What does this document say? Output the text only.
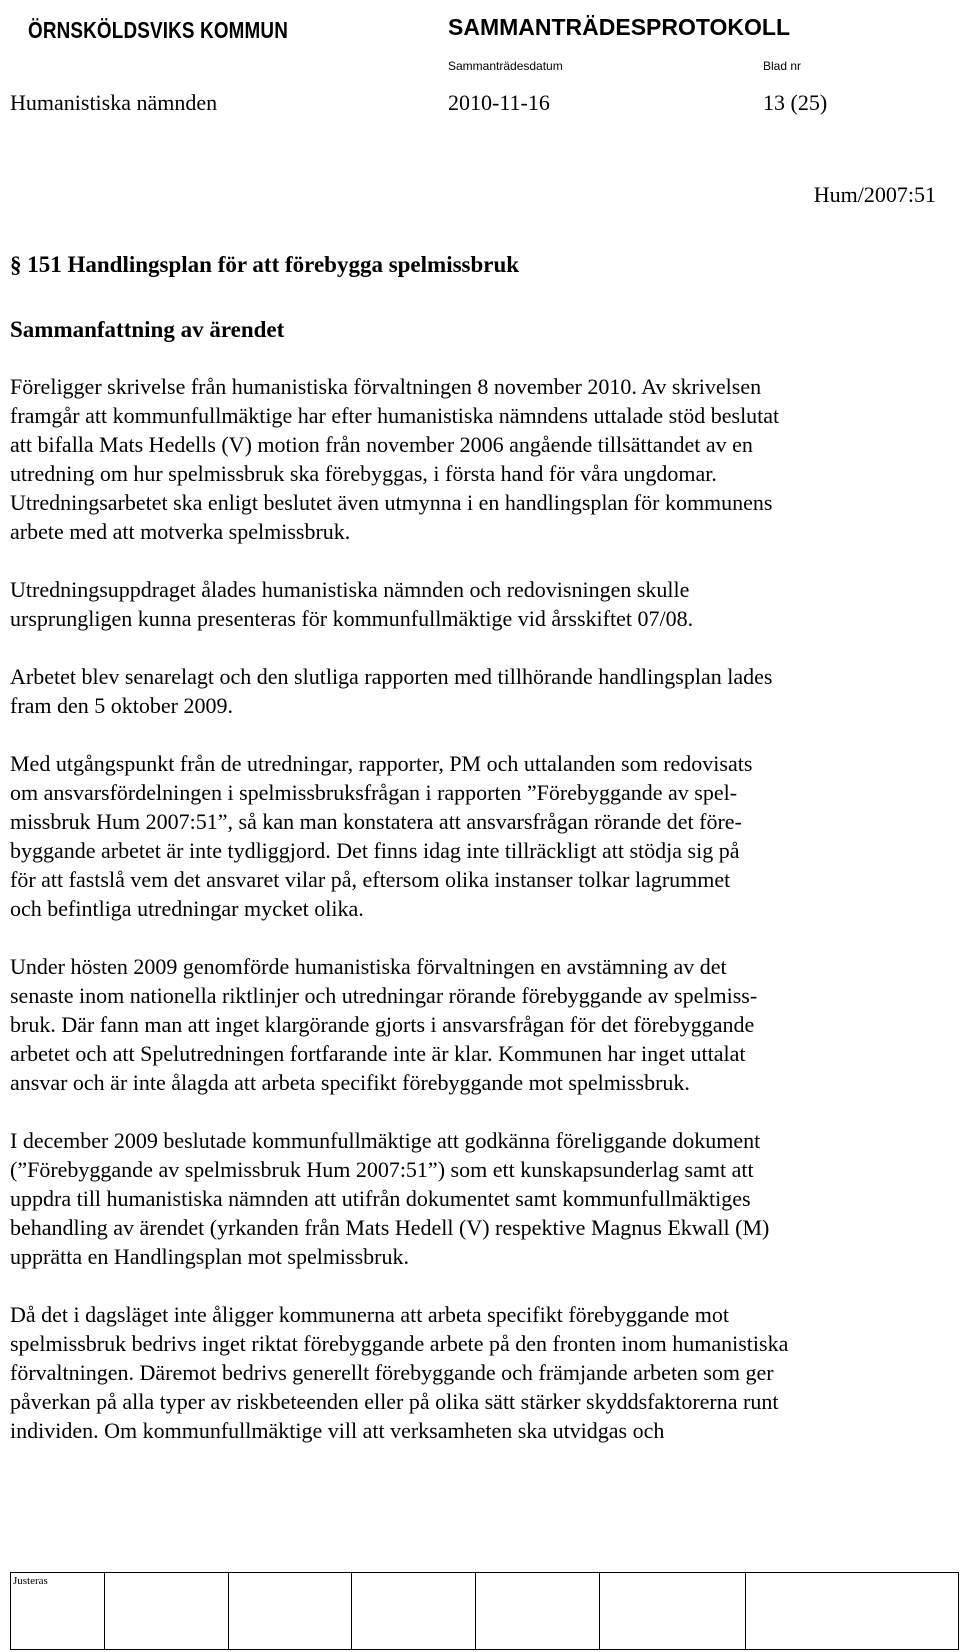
ÖRNSKÖLDSVIKS KOMMUN	SAMMANTRÄDESPROTOKOLL
Sammanträdesdatum	Blad nr
Humanistiska nämnden	2010-11-16	13 (25)
Hum/2007:51
§ 151 Handlingsplan för att förebygga spelmissbruk
Sammanfattning av ärendet

Föreligger skrivelse från humanistiska förvaltningen 8 november 2010. Av skrivelsen
framgår att kommunfullmäktige har efter humanistiska nämndens uttalade stöd beslutat
att bifalla Mats Hedells (V) motion från november 2006 angående tillsättandet av en
utredning om hur spelmissbruk ska förebyggas, i första hand för våra ungdomar.
Utredningsarbetet ska enligt beslutet även utmynna i en handlingsplan för kommunens
arbete med att motverka spelmissbruk.

Utredningsuppdraget ålades humanistiska nämnden och redovisningen skulle
ursprungligen kunna presenteras för kommunfullmäktige vid årsskiftet 07/08.

Arbetet blev senarelagt och den slutliga rapporten med tillhörande handlingsplan lades
fram den 5 oktober 2009.

Med utgångspunkt från de utredningar, rapporter, PM och uttalanden som redovisats
om ansvarsfördelningen i spelmissbruksfrågan i rapporten ”Förebyggande av spel-
missbruk Hum 2007:51”, så kan man konstatera att ansvarsfrågan rörande det före-
byggande arbetet är inte tydliggjord. Det finns idag inte tillräckligt att stödja sig på
för att fastslå vem det ansvaret vilar på, eftersom olika instanser tolkar lagrummet
och befintliga utredningar mycket olika.

Under hösten 2009 genomförde humanistiska förvaltningen en avstämning av det
senaste inom nationella riktlinjer och utredningar rörande förebyggande av spelmiss-
bruk. Där fann man att inget klargörande gjorts i ansvarsfrågan för det förebyggande
arbetet och att Spelutredningen fortfarande inte är klar. Kommunen har inget uttalat
ansvar och är inte ålagda att arbeta specifikt förebyggande mot spelmissbruk.

I december 2009 beslutade kommunfullmäktige att godkänna föreliggande dokument
(”Förebyggande av spelmissbruk Hum 2007:51”) som ett kunskapsunderlag samt att
uppdra till humanistiska nämnden att utifrån dokumentet samt kommunfullmäktiges
behandling av ärendet (yrkanden från Mats Hedell (V) respektive Magnus Ekwall (M)
upprätta en Handlingsplan mot spelmissbruk.

Då det i dagsläget inte åligger kommunerna att arbeta specifikt förebyggande mot
spelmissbruk bedrivs inget riktat förebyggande arbete på den fronten inom humanistiska
förvaltningen. Däremot bedrivs generellt förebyggande och främjande arbeten som ger
påverkan på alla typer av riskbeteenden eller på olika sätt stärker skyddsfaktorerna runt
individen. Om kommunfullmäktige vill att verksamheten ska utvidgas och

Justeras
